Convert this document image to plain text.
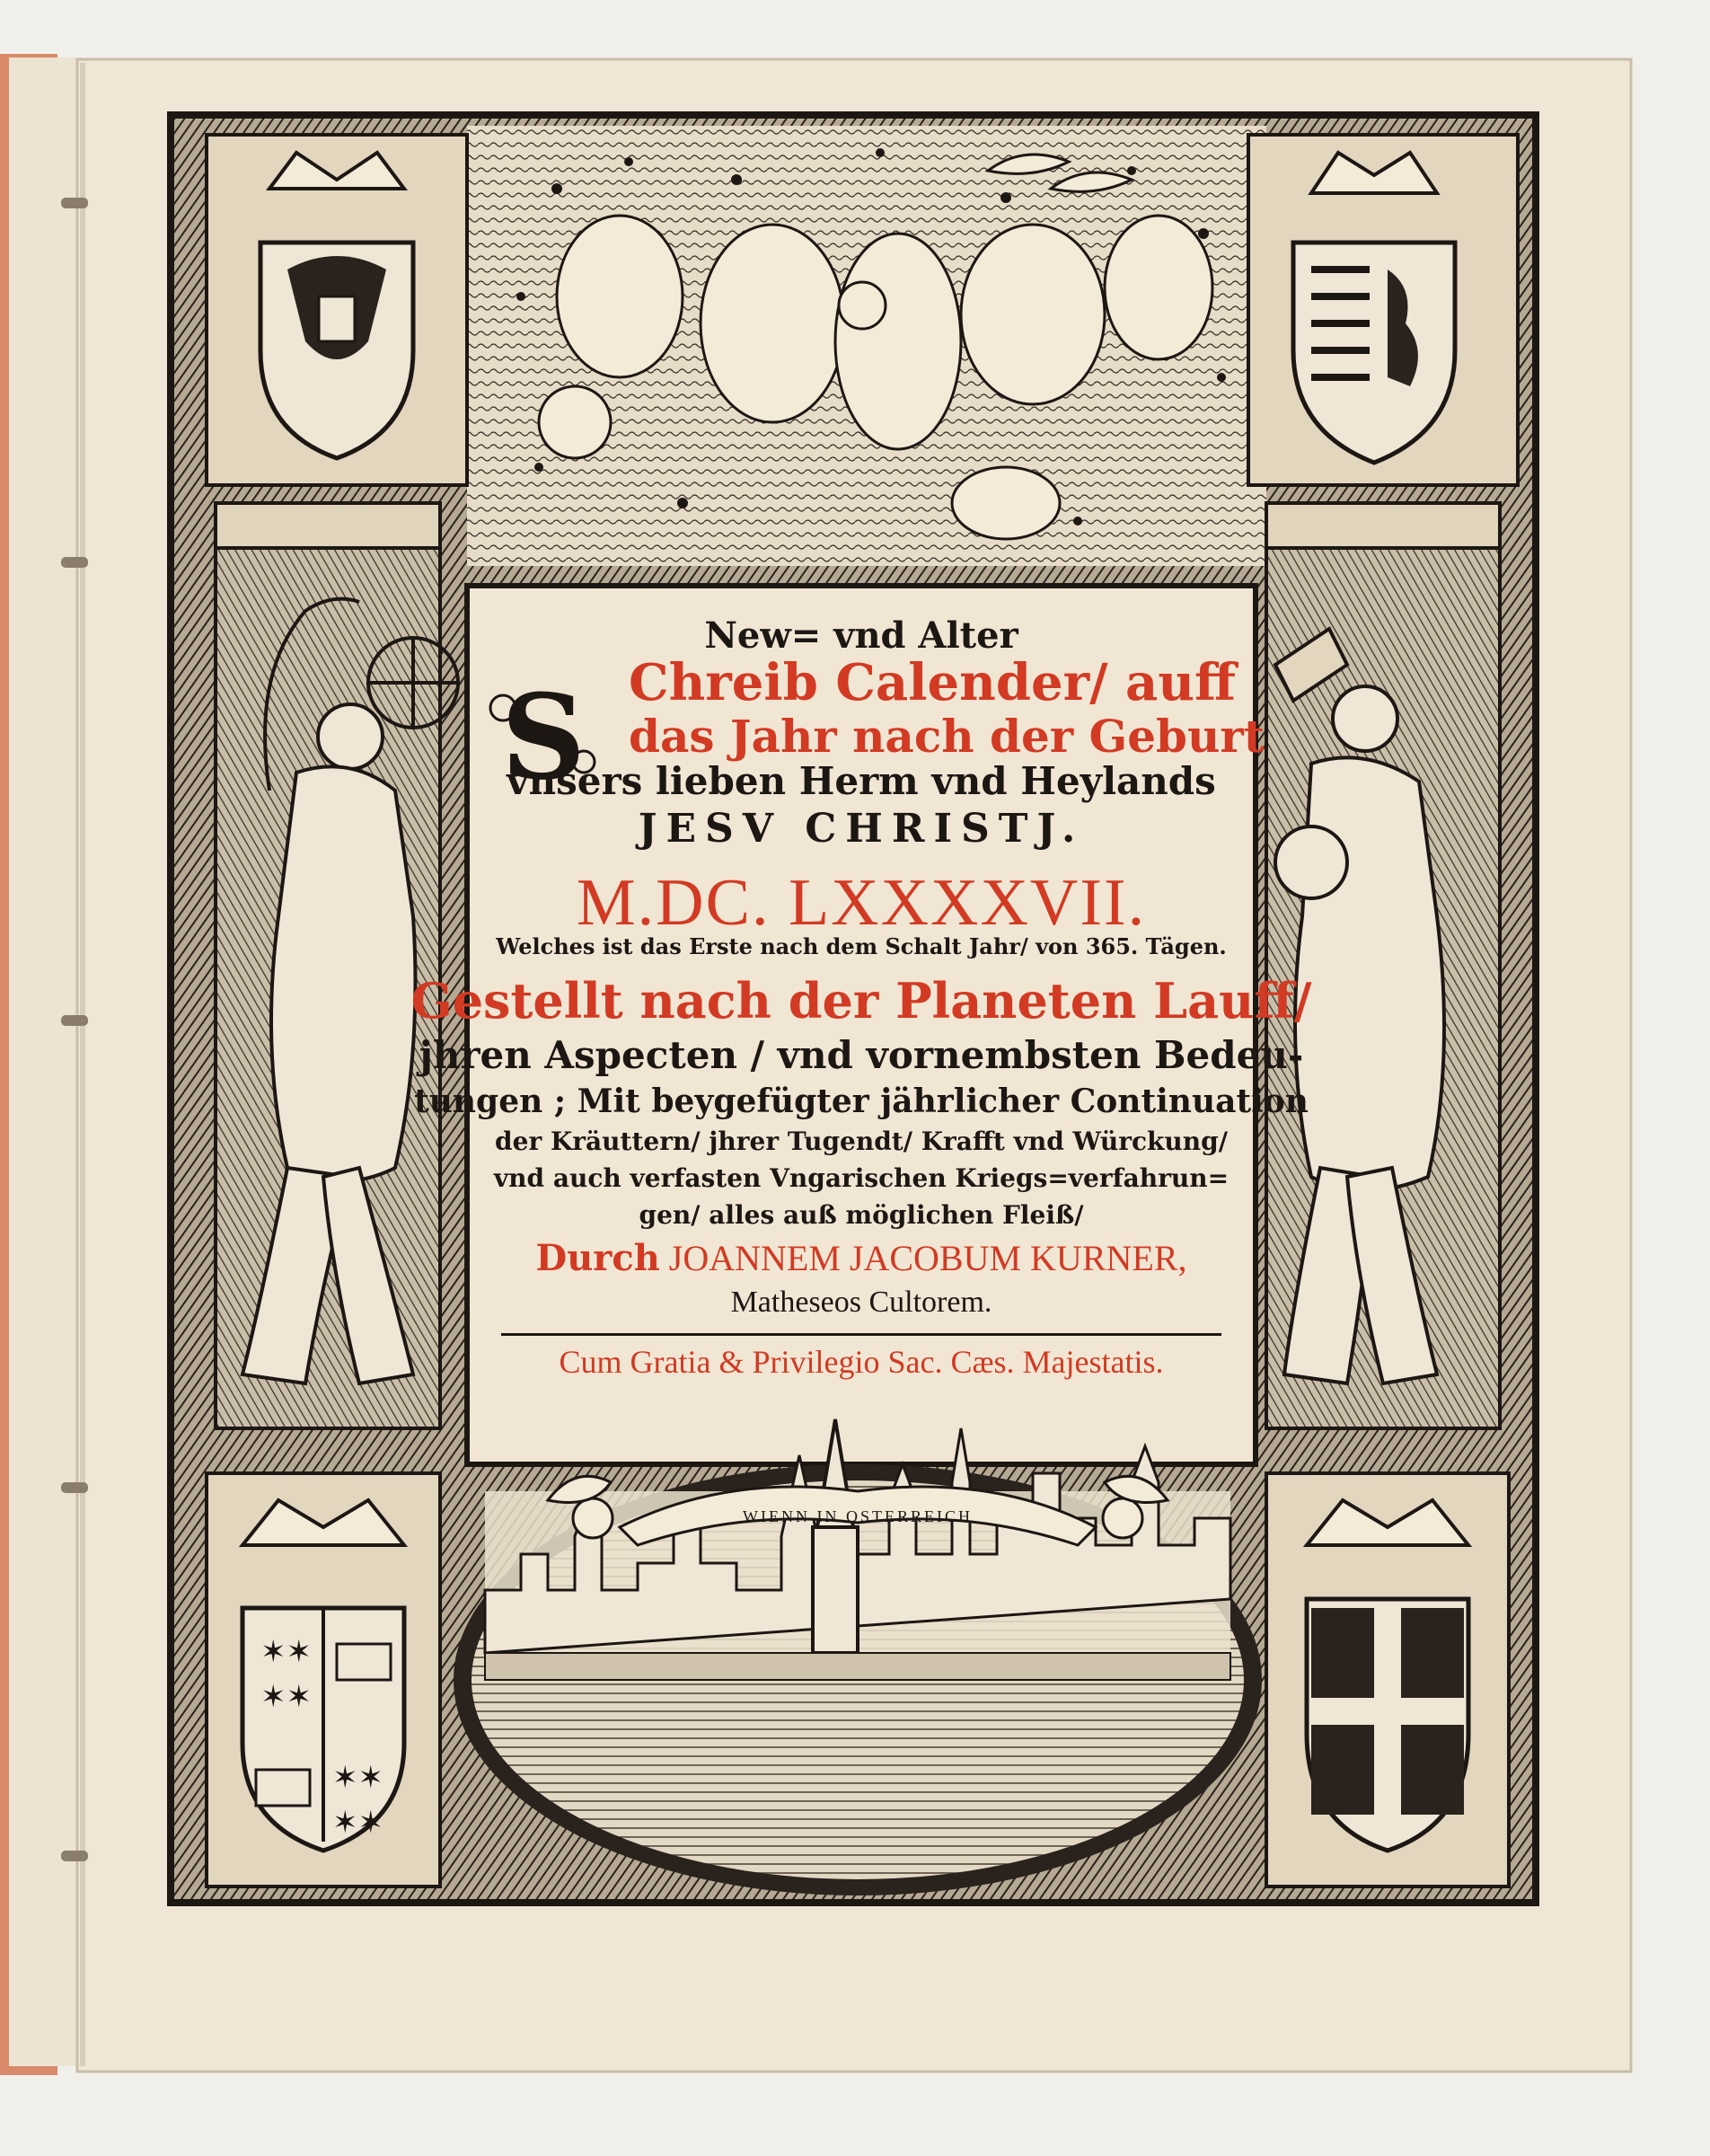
✶✶
✶✶
✶✶
✶✶
S
New= vnd Alter
Chreib Calender/ auff
das Jahr nach der Geburt
vnsers lieben Herm vnd Heylands
JESV CHRISTJ.
M.DC. LXXXXVII.
Welches ist das Erste nach dem Schalt Jahr/ von 365. Tägen.
Gestellt nach der Planeten Lauff/
jhren Aspecten / vnd vornembsten Bedeu-
tungen ; Mit beygefügter jährlicher Continuation
der Kräuttern/ jhrer Tugendt/ Krafft vnd Würckung/
vnd auch verfasten Vngarischen Kriegs=verfahrun=
gen/ alles auß möglichen Fleiß/
Durch JOANNEM JACOBUM KURNER,
Matheseos Cultorem.
Cum Gratia & Privilegio Sac. Cæs. Majestatis.
WIENN IN OSTERREICH
